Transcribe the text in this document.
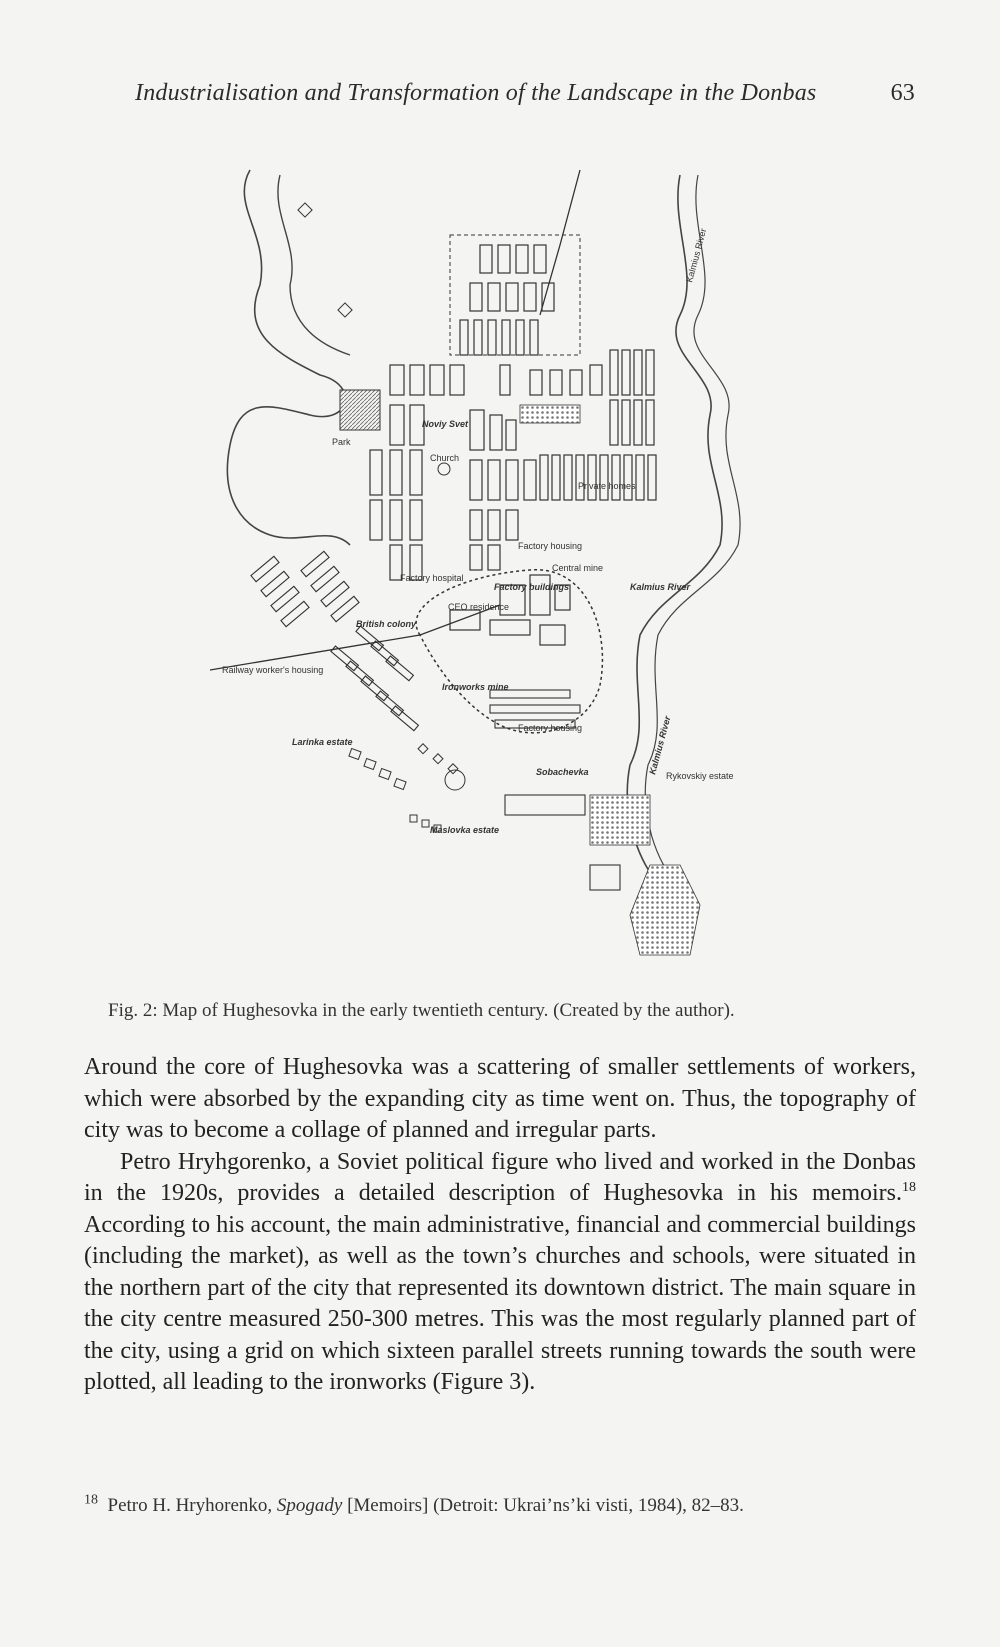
Industrialisation and Transformation of the Landscape in the Donbas	63
Kalmius River
Noviy Svet
Park
Church
Private homes
Factory housing
Central mine
Factory hospital
Factory buildings	Kalmius River
CEO residence
British colony
Railway worker's housing
Ironworks mine
Factory housing
Larinka estate	Kalmius River
Sobachevka	Rykovskiy estate
Maslovka estate
Fig. 2: Map of Hughesovka in the early twentieth century. (Created by the author).

Around the core of Hughesovka was a scattering of smaller settlements of workers, which were absorbed by the expanding city as time went on. Thus, the topography of city was to become a collage of planned and irregular parts.

Petro Hryhgorenko, a Soviet political figure who lived and worked in the Donbas in the 1920s, provides a detailed description of Hughesovka in his memoirs.$^{18}$ According to his account, the main administrative, financial and commercial buildings (including the market), as well as the town’s churches and schools, were situated in the northern part of the city that represented its downtown district. The main square in the city centre measured 250-300 metres. This was the most regularly planned part of the city, using a grid on which sixteen parallel streets running towards the south were plotted, all leading to the ironworks (Figure 3).

$^{18}$ Petro H. Hryhorenko, Spogady [Memoirs] (Detroit: Ukrai’ns’ki visti, 1984), 82–83.
